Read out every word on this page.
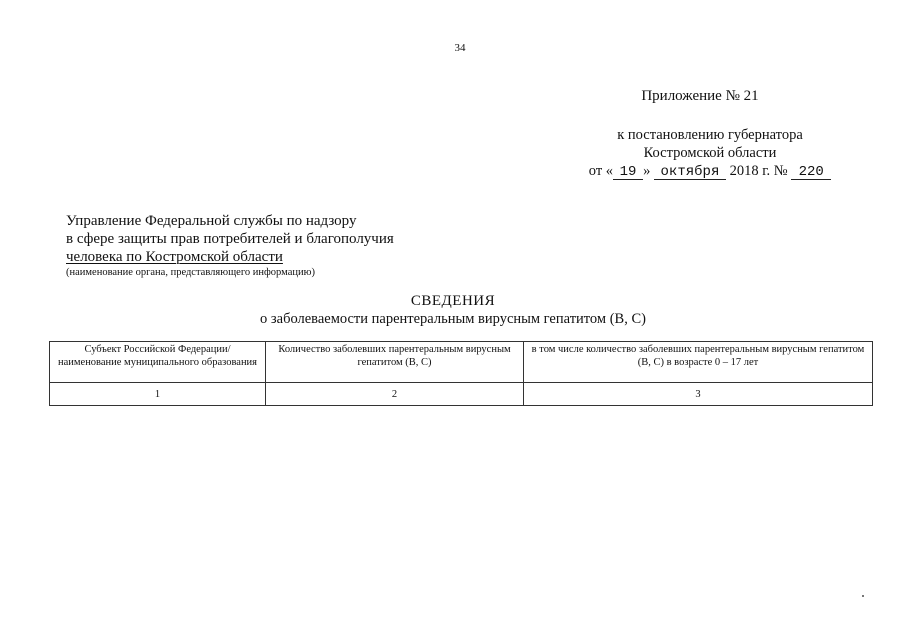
34
Приложение № 21
к постановлению губернатора
Костромской области
от « 19 » октября 2018 г. № 220
Управление Федеральной службы по надзору
в сфере защиты прав потребителей и благополучия
человека по Костромской области
(наименование органа, представляющего информацию)
СВЕДЕНИЯ
о заболеваемости парентеральным вирусным гепатитом (В, С)
Субъект Российской Федерации/ наименование муниципального образования	Количество заболевших парентеральным вирусным гепатитом (В, С)	в том числе количество заболевших парентеральным вирусным гепатитом (В, С) в возрасте 0 – 17 лет
1	2	3
